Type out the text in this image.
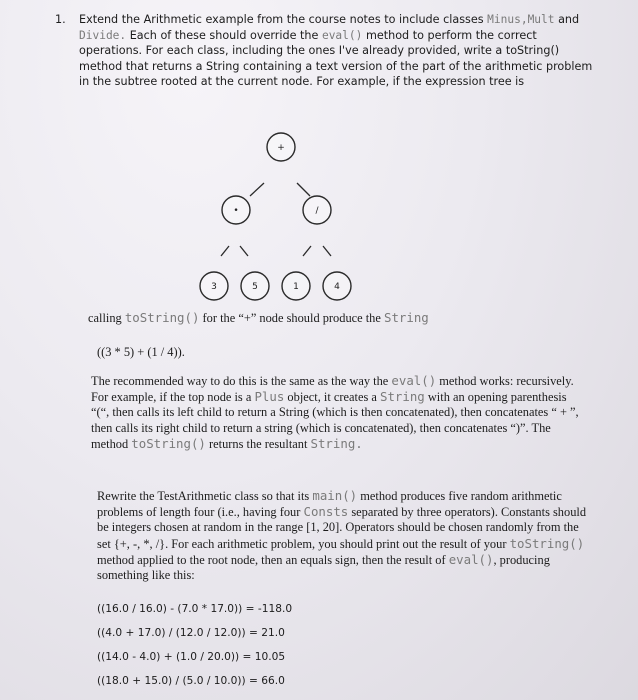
1. Extend the Arithmetic example from the course notes to include classes Minus,Mult and Divide. Each of these should override the eval() method to perform the correct operations. For each class, including the ones I've already provided, write a toString() method that returns a String containing a text version of the part of the arithmetic problem in the subtree rooted at the current node. For example, if the expression tree is
+
•	/
3	5	1	4
calling toString() for the “+” node should produce the String
((3 * 5) + (1 / 4)).
The recommended way to do this is the same as the way the eval() method works: recursively. For example, if the top node is a Plus object, it creates a String with an opening parenthesis “(“, then calls its left child to return a String (which is then concatenated), then concatenates “ + ”, then calls its right child to return a string (which is concatenated), then concatenates “)”. The method toString() returns the resultant String.
Rewrite the TestArithmetic class so that its main() method produces five random arithmetic problems of length four (i.e., having four Consts separated by three operators). Constants should be integers chosen at random in the range [1, 20]. Operators should be chosen randomly from the set {+, -, *, /}. For each arithmetic problem, you should print out the result of your toString() method applied to the root node, then an equals sign, then the result of eval(), producing something like this:
((16.0 / 16.0) - (7.0 * 17.0)) = -118.0
((4.0 + 17.0) / (12.0 / 12.0)) = 21.0
((14.0 - 4.0) + (1.0 / 20.0)) = 10.05
((18.0 + 15.0) / (5.0 / 10.0)) = 66.0
